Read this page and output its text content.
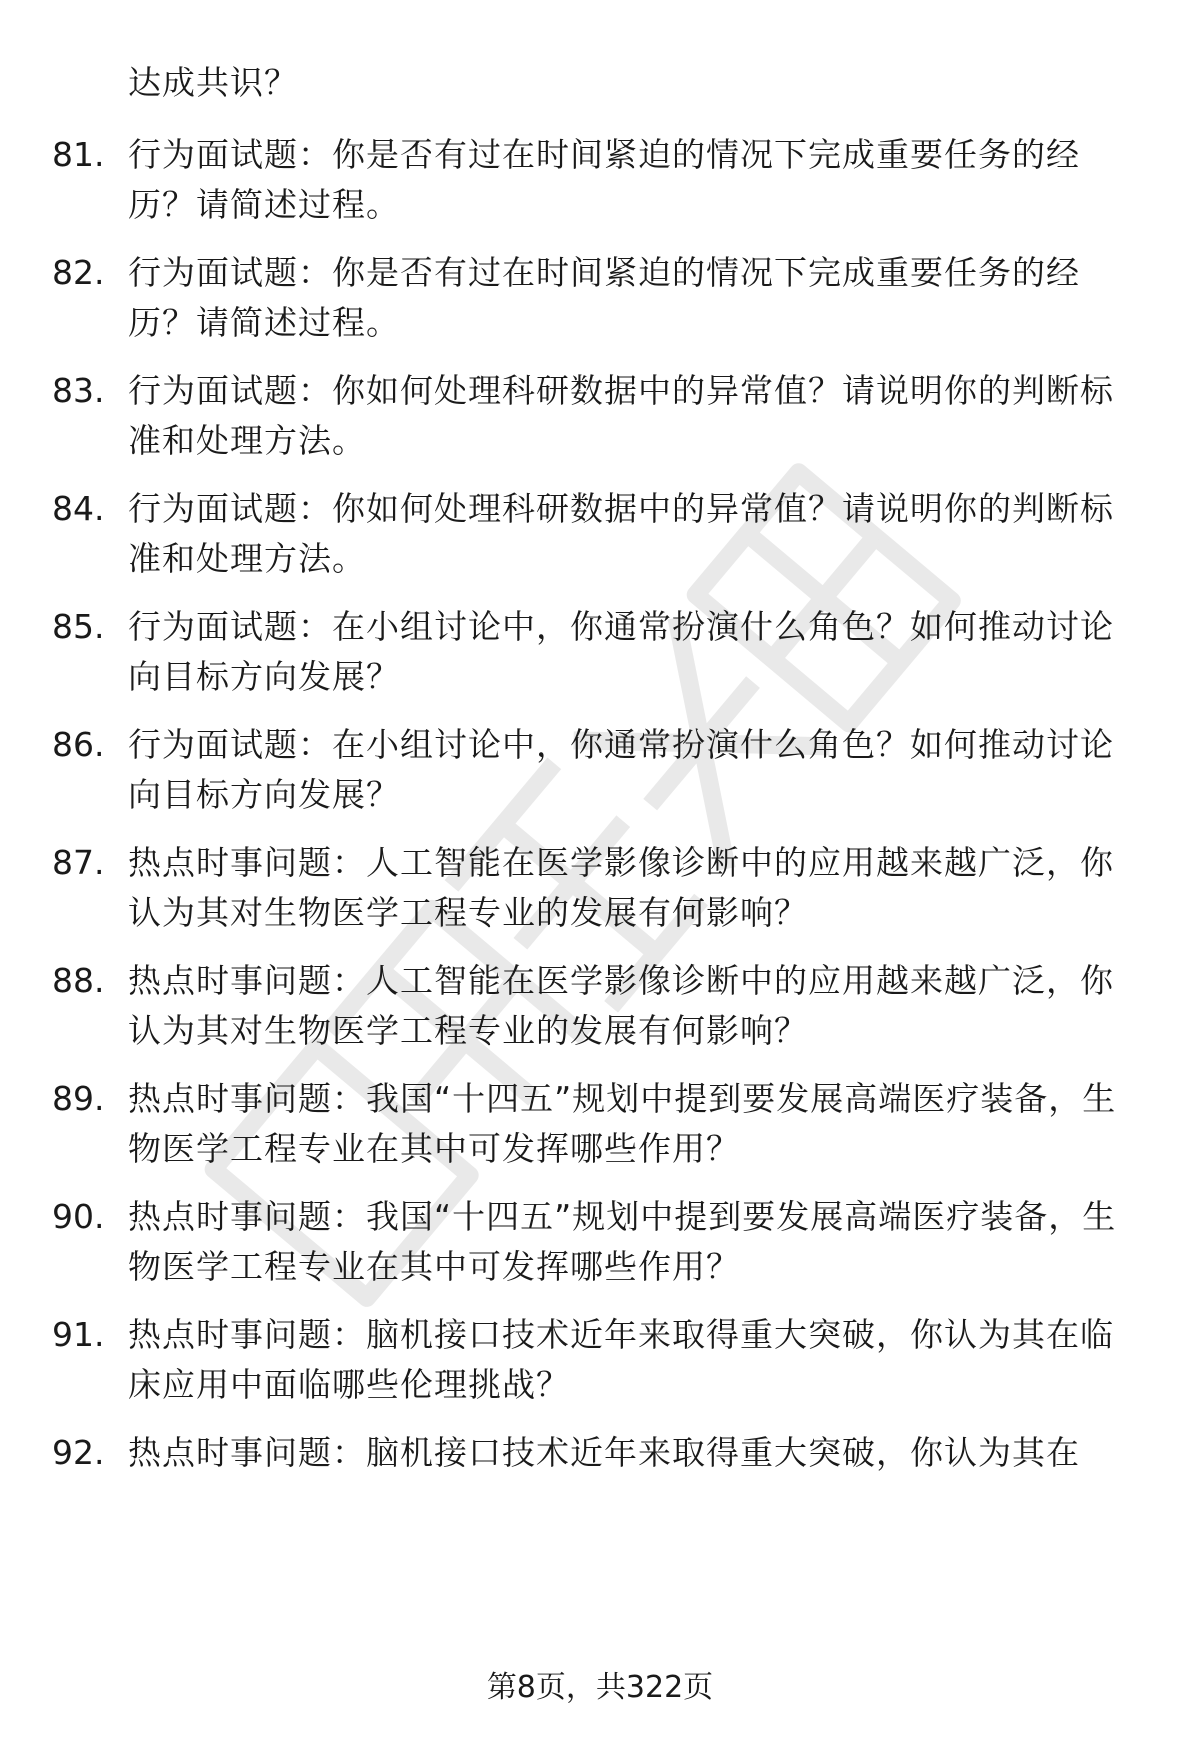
达成共识？
81. 行为面试题：你是否有过在时间紧迫的情况下完成重要任务的经历？请简述过程。
82. 行为面试题：你是否有过在时间紧迫的情况下完成重要任务的经历？请简述过程。
83. 行为面试题：你如何处理科研数据中的异常值？请说明你的判断标准和处理方法。
84. 行为面试题：你如何处理科研数据中的异常值？请说明你的判断标准和处理方法。
85. 行为面试题：在小组讨论中，你通常扮演什么角色？如何推动讨论向目标方向发展？
86. 行为面试题：在小组讨论中，你通常扮演什么角色？如何推动讨论向目标方向发展？
87. 热点时事问题：人工智能在医学影像诊断中的应用越来越广泛，你认为其对生物医学工程专业的发展有何影响？
88. 热点时事问题：人工智能在医学影像诊断中的应用越来越广泛，你认为其对生物医学工程专业的发展有何影响？
89. 热点时事问题：我国“十四五”规划中提到要发展高端医疗装备，生物医学工程专业在其中可发挥哪些作用？
90. 热点时事问题：我国“十四五”规划中提到要发展高端医疗装备，生物医学工程专业在其中可发挥哪些作用？
91. 热点时事问题：脑机接口技术近年来取得重大突破，你认为其在临床应用中面临哪些伦理挑战？
92. 热点时事问题：脑机接口技术近年来取得重大突破，你认为其在
第8页，共322页
